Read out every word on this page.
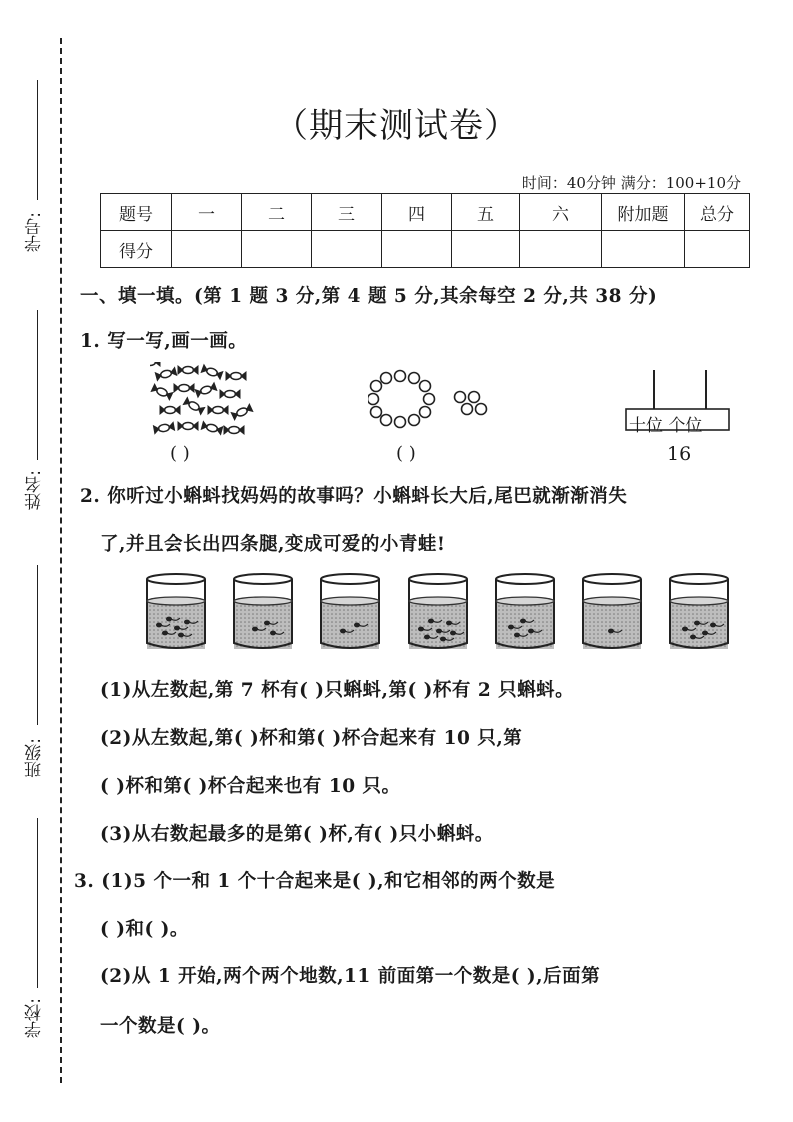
学号:
姓名:
班级:
学校:
（期末测试卷）
时间：40分钟 满分：100+10分
题号	一	二	三	四	五	六	附加题	总分
得分								
一、填一填。(第 1 题 3 分,第 4 题 5 分,其余每空 2 分,共 38 分)
1. 写一写,画一画。
十位 个位
( )	( )	16
2. 你听过小蝌蚪找妈妈的故事吗？小蝌蚪长大后,尾巴就渐渐消失
了,并且会长出四条腿,变成可爱的小青蛙!
(1)从左数起,第 7 杯有( )只蝌蚪,第( )杯有 2 只蝌蚪。
(2)从左数起,第( )杯和第( )杯合起来有 10 只,第
( )杯和第( )杯合起来也有 10 只。
(3)从右数起最多的是第( )杯,有( )只小蝌蚪。
3. (1)5 个一和 1 个十合起来是( ),和它相邻的两个数是
( )和( )。
(2)从 1 开始,两个两个地数,11 前面第一个数是( ),后面第
一个数是( )。
